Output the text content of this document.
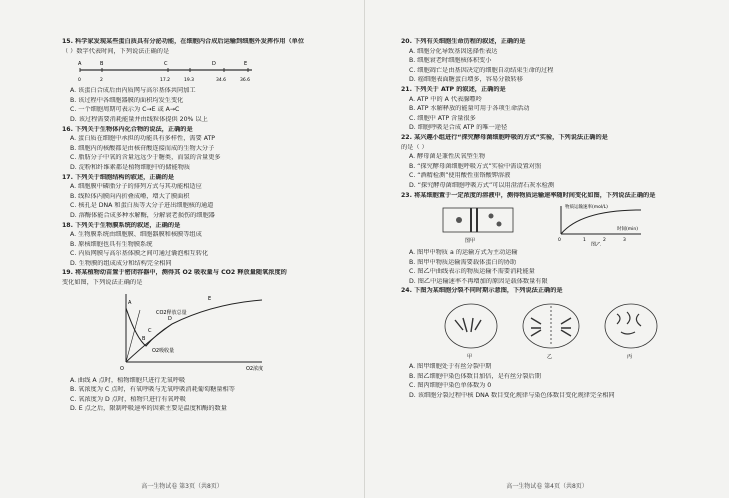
15. 科学家发现某些蛋白质具有分泌功能，在细胞内合成后运输到细胞外发挥作用（单位
（ ）数字代表时间，下列说法正确的是
A	B	C	D	E
0	2	17.2	19.3	34.6	36.6
A. 该蛋白合成后由内质网与高尔基体共同加工
B. 该过程中各细胞器膜的面积均发生变化
C. 一个细胞周期可表示为 C→E 或 A→C
D. 该过程需要消耗能量并由线粒体提供 20% 以上
16. 下列关于生物体内化合物的说法，正确的是
A. 蛋白质在细胞中承担的功能具有多样性，需要 ATP
B. 细胞内的核酸都是由核苷酸连接而成的生物大分子
C. 脂肪分子中氧的含量远远少于糖类，而氢的含量更多
D. 淀粉和纤维素都是植物细胞中的储能物质
17. 下列关于细胞结构的叙述，正确的是
A. 细胞膜中磷脂分子的排列方式与其功能相适应
B. 线粒体内膜向内折叠成嵴，增大了膜面积
C. 核孔是 DNA 和蛋白质等大分子进出细胞核的通道
D. 溶酶体能合成多种水解酶，分解衰老损伤的细胞器
18. 下列关于生物膜系统的叙述，正确的是
A. 生物膜系统由细胞膜、细胞器膜和核膜等组成
B. 原核细胞也具有生物膜系统
C. 内质网膜与高尔基体膜之间可通过囊泡相互转化
D. 生物膜的组成成分和结构完全相同
19. 将某植物幼苗置于密闭容器中，测得其 O2 吸收量与 CO2 释放量随氧浓度的
变化如图，下列说法正确的是
CO2释放总量
O2吸收量
O	O2浓度
A
B
C
D
E
A. 曲线 A 点时，植物细胞只进行无氧呼吸
B. 氧浓度为 C 点时，有氧呼吸与无氧呼吸消耗葡萄糖量相等
C. 氧浓度为 D 点时，植物只进行有氧呼吸
D. E 点之后，限制呼吸速率的因素主要是温度和酶的数量
高一生物试卷 第3页（共8页）
20. 下列有关细胞生命历程的叙述，正确的是
A. 细胞分化导致基因选择性表达
B. 细胞衰老时细胞核体积变小
C. 细胞凋亡是由基因决定的细胞自动结束生命的过程
D. 癌细胞表面糖蛋白增多，容易分散转移
21. 下列关于 ATP 的叙述，正确的是
A. ATP 中的 A 代表腺嘌呤
B. ATP 水解释放的能量可用于各项生命活动
C. 细胞中 ATP 含量很多
D. 细胞呼吸是合成 ATP 的唯一途径
22. 某兴趣小组进行“探究酵母菌细胞呼吸的方式”实验，下列说法正确的是
的是（ ）
A. 酵母菌是兼性厌氧型生物
B. “探究酵母菌细胞呼吸方式”实验中需设置对照
C. “酒精检测”使用酸性重铬酸钾溶液
D. “探究酵母菌细胞呼吸方式”可以用澄清石灰水检测
23. 将某细胞置于一定浓度的溶液中，测得物质运输速率随时间变化如图，下列说法正确的是
图甲
物质运输速率(mol/L)
时间(min)
0	1	2	3
图乙
A. 图甲中物质 a 的运输方式为主动运输
B. 图甲中物质运输需要载体蛋白的协助
C. 图乙中曲线表示的物质运输不需要消耗能量
D. 图乙中运输速率不再增加的原因是载体数量有限
24. 下图为某细胞分裂不同时期示意图，下列说法正确的是
甲	乙	丙
A. 图甲细胞处于有丝分裂中期
B. 图乙细胞中染色体数目加倍，是有丝分裂后期
C. 图丙细胞中染色单体数为 0
D. 该细胞分裂过程中核 DNA 数目变化规律与染色体数目变化规律完全相同
高一生物试卷 第4页（共8页）
